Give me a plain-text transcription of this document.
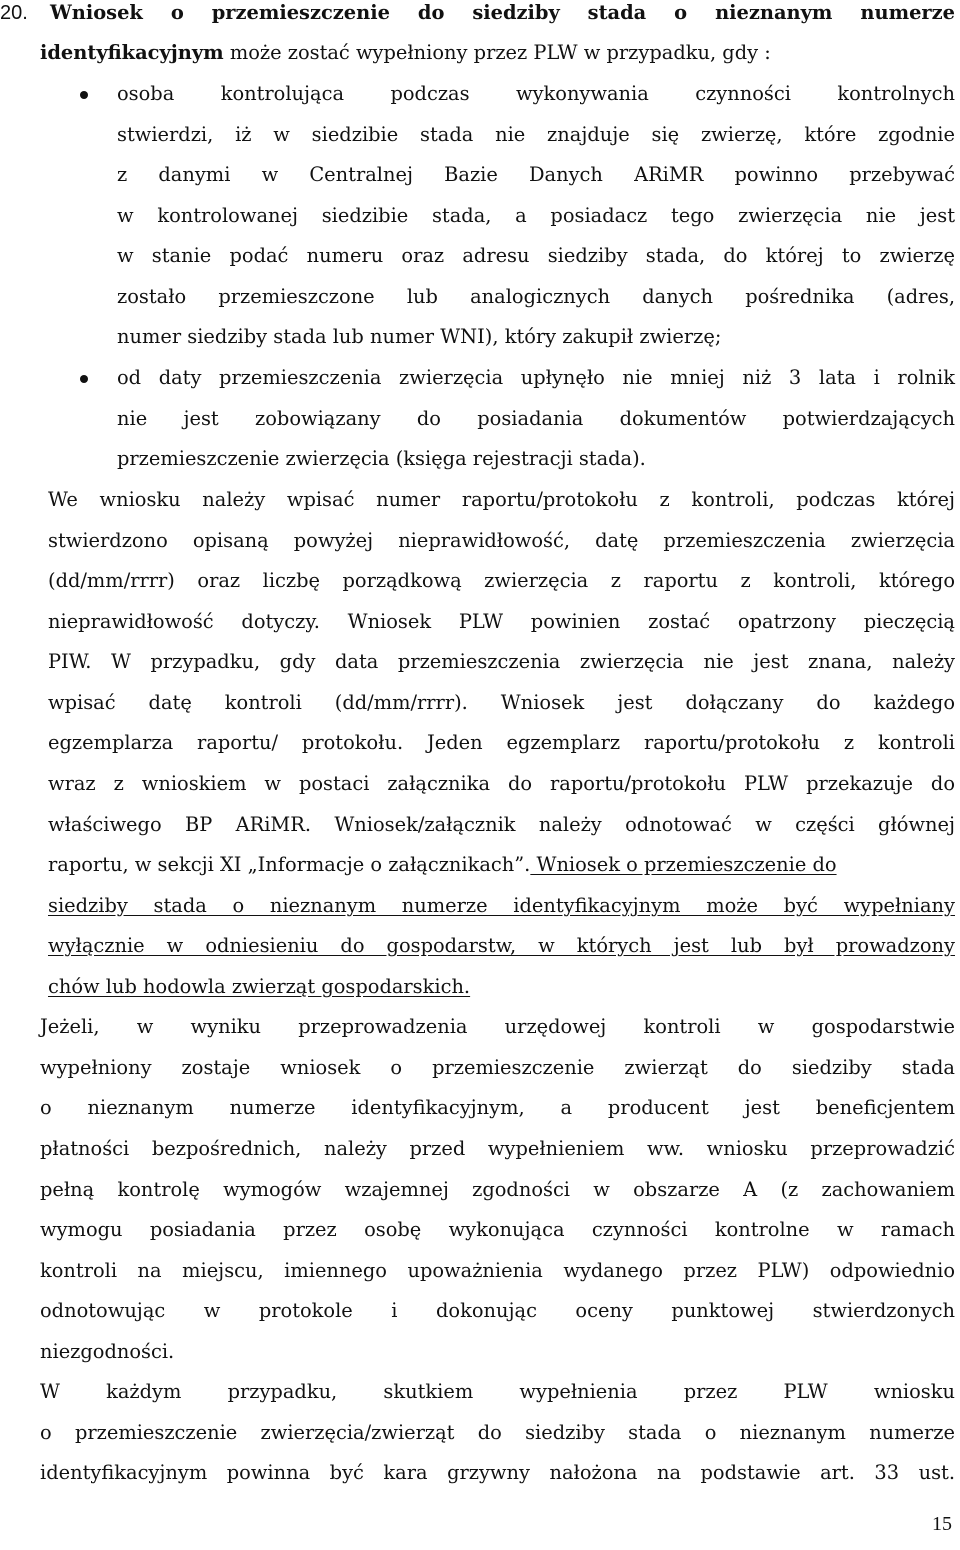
20. Wniosek o przemieszczenie do siedziby stada o nieznanym numerze
identyfikacyjnym może zostać wypełniony przez PLW w przypadku, gdy :
osoba kontrolująca podczas wykonywania czynności kontrolnych
stwierdzi, iż w siedzibie stada nie znajduje się zwierzę, które zgodnie
z danymi w Centralnej Bazie Danych ARiMR powinno przebywać
w kontrolowanej siedzibie stada, a posiadacz tego zwierzęcia nie jest
w stanie podać numeru oraz adresu siedziby stada, do której to zwierzę
zostało przemieszczone lub analogicznych danych pośrednika (adres,
numer siedziby stada lub numer WNI), który zakupił zwierzę;
od daty przemieszczenia zwierzęcia upłynęło nie mniej niż 3 lata i rolnik
nie jest zobowiązany do posiadania dokumentów potwierdzających
przemieszczenie zwierzęcia (księga rejestracji stada).
We wniosku należy wpisać numer raportu/protokołu z kontroli, podczas której
stwierdzono opisaną powyżej nieprawidłowość, datę przemieszczenia zwierzęcia
(dd/mm/rrrr) oraz liczbę porządkową zwierzęcia z raportu z kontroli, którego
nieprawidłowość dotyczy. Wniosek PLW powinien zostać opatrzony pieczęcią
PIW. W przypadku, gdy data przemieszczenia zwierzęcia nie jest znana, należy
wpisać datę kontroli (dd/mm/rrrr). Wniosek jest dołączany do każdego
egzemplarza raportu/ protokołu. Jeden egzemplarz raportu/protokołu z kontroli
wraz z wnioskiem w postaci załącznika do raportu/protokołu PLW przekazuje do
właściwego BP ARiMR. Wniosek/załącznik należy odnotować w części głównej
raportu, w sekcji XI „Informacje o załącznikach”. Wniosek o przemieszczenie do
siedziby stada o nieznanym numerze identyfikacyjnym może być wypełniany
wyłącznie w odniesieniu do gospodarstw, w których jest lub był prowadzony
chów lub hodowla zwierząt gospodarskich.
Jeżeli, w wyniku przeprowadzenia urzędowej kontroli w gospodarstwie
wypełniony zostaje wniosek o przemieszczenie zwierząt do siedziby stada
o nieznanym numerze identyfikacyjnym, a producent jest beneficjentem
płatności bezpośrednich, należy przed wypełnieniem ww. wniosku przeprowadzić
pełną kontrolę wymogów wzajemnej zgodności w obszarze A (z zachowaniem
wymogu posiadania przez osobę wykonująca czynności kontrolne w ramach
kontroli na miejscu, imiennego upoważnienia wydanego przez PLW) odpowiednio
odnotowując w protokole i dokonując oceny punktowej stwierdzonych
niezgodności.
W każdym przypadku, skutkiem wypełnienia przez PLW wniosku
o przemieszczenie zwierzęcia/zwierząt do siedziby stada o nieznanym numerze
identyfikacyjnym powinna być kara grzywny nałożona na podstawie art. 33 ust.
15
